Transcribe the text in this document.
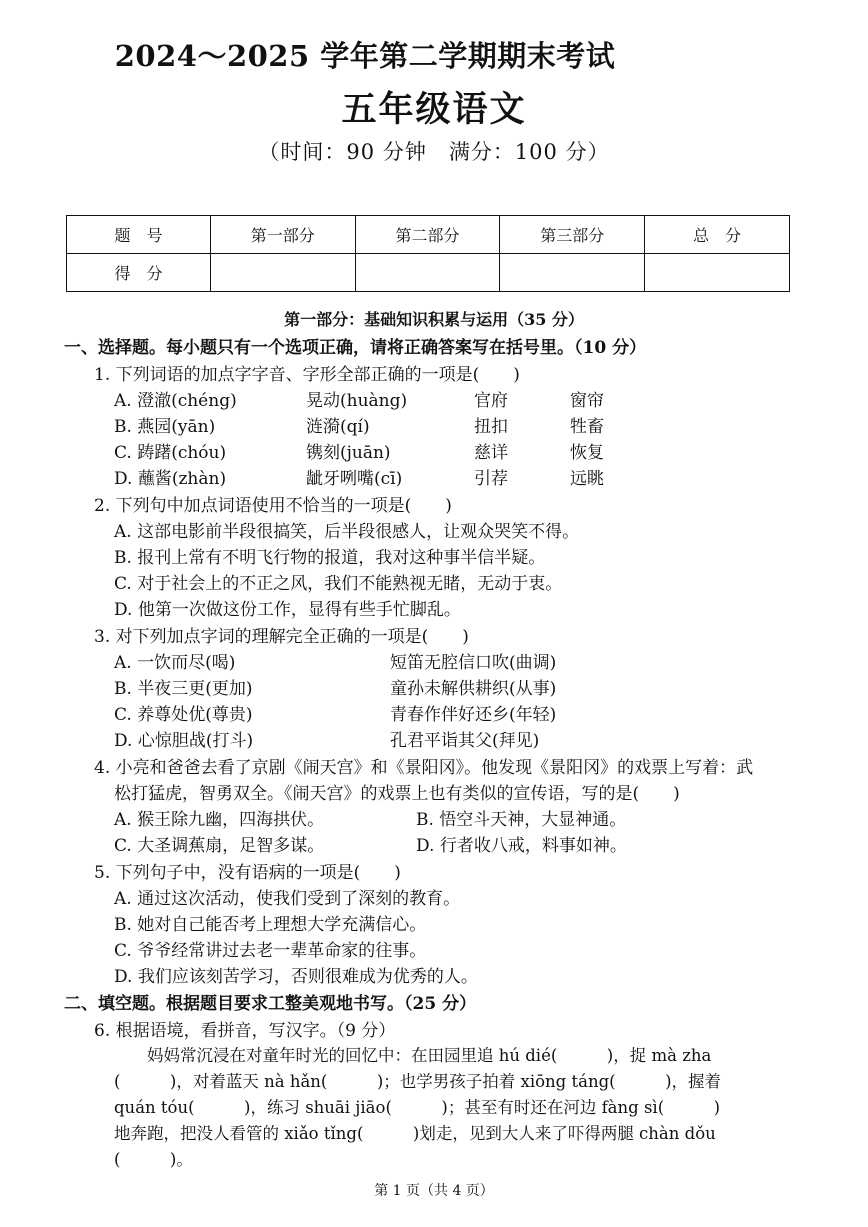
2024～2025 学年第二学期期末考试
五年级语文
（时间：90 分钟　满分：100 分）
题　号	第一部分	第二部分	第三部分	总　分
得　分				
第一部分：基础知识积累与运用（35 分）
一、选择题。每小题只有一个选项正确，请将正确答案写在括号里。（10 分）
1. 下列词语的加点字字音、字形全部正确的一项是(　　)
A. 澄澈(chéng)	晃动(huàng)	官府	窗帘
B. 燕园(yān)	涟漪(qí)	扭扣	牲畜
C. 踌躇(chóu)	镌刻(juān)	慈详	恢复
D. 蘸酱(zhàn)	龇牙咧嘴(cī)	引荐	远眺
2. 下列句中加点词语使用不恰当的一项是(　　)
A. 这部电影前半段很搞笑，后半段很感人，让观众哭笑不得。
B. 报刊上常有不明飞行物的报道，我对这种事半信半疑。
C. 对于社会上的不正之风，我们不能熟视无睹，无动于衷。
D. 他第一次做这份工作，显得有些手忙脚乱。
3. 对下列加点字词的理解完全正确的一项是(　　)
A. 一饮而尽(喝)	短笛无腔信口吹(曲调)
B. 半夜三更(更加)	童孙未解供耕织(从事)
C. 养尊处优(尊贵)	青春作伴好还乡(年轻)
D. 心惊胆战(打斗)	孔君平诣其父(拜见)
4. 小亮和爸爸去看了京剧《闹天宫》和《景阳冈》。他发现《景阳冈》的戏票上写着：武
松打猛虎，智勇双全。《闹天宫》的戏票上也有类似的宣传语，写的是(　　)
A. 猴王除九幽，四海拱伏。	B. 悟空斗天神，大显神通。
C. 大圣调蕉扇，足智多谋。	D. 行者收八戒，料事如神。
5. 下列句子中，没有语病的一项是(　　)
A. 通过这次活动，使我们受到了深刻的教育。
B. 她对自己能否考上理想大学充满信心。
C. 爷爷经常讲过去老一辈革命家的往事。
D. 我们应该刻苦学习，否则很难成为优秀的人。
二、填空题。根据题目要求工整美观地书写。（25 分）
6. 根据语境，看拼音，写汉字。（9 分）
　　妈妈常沉浸在对童年时光的回忆中：在田园里追 hú dié(　　　)，捉 mà zha
(　　　)，对着蓝天 nà hǎn(　　　)；也学男孩子拍着 xiōng táng(　　　)，握着
quán tóu(　　　)，练习 shuāi jiāo(　　　)；甚至有时还在河边 fàng sì(　　　)
地奔跑，把没人看管的 xiǎo tǐng(　　　)划走，见到大人来了吓得两腿 chàn dǒu
(　　　)。
第 1 页（共 4 页）
